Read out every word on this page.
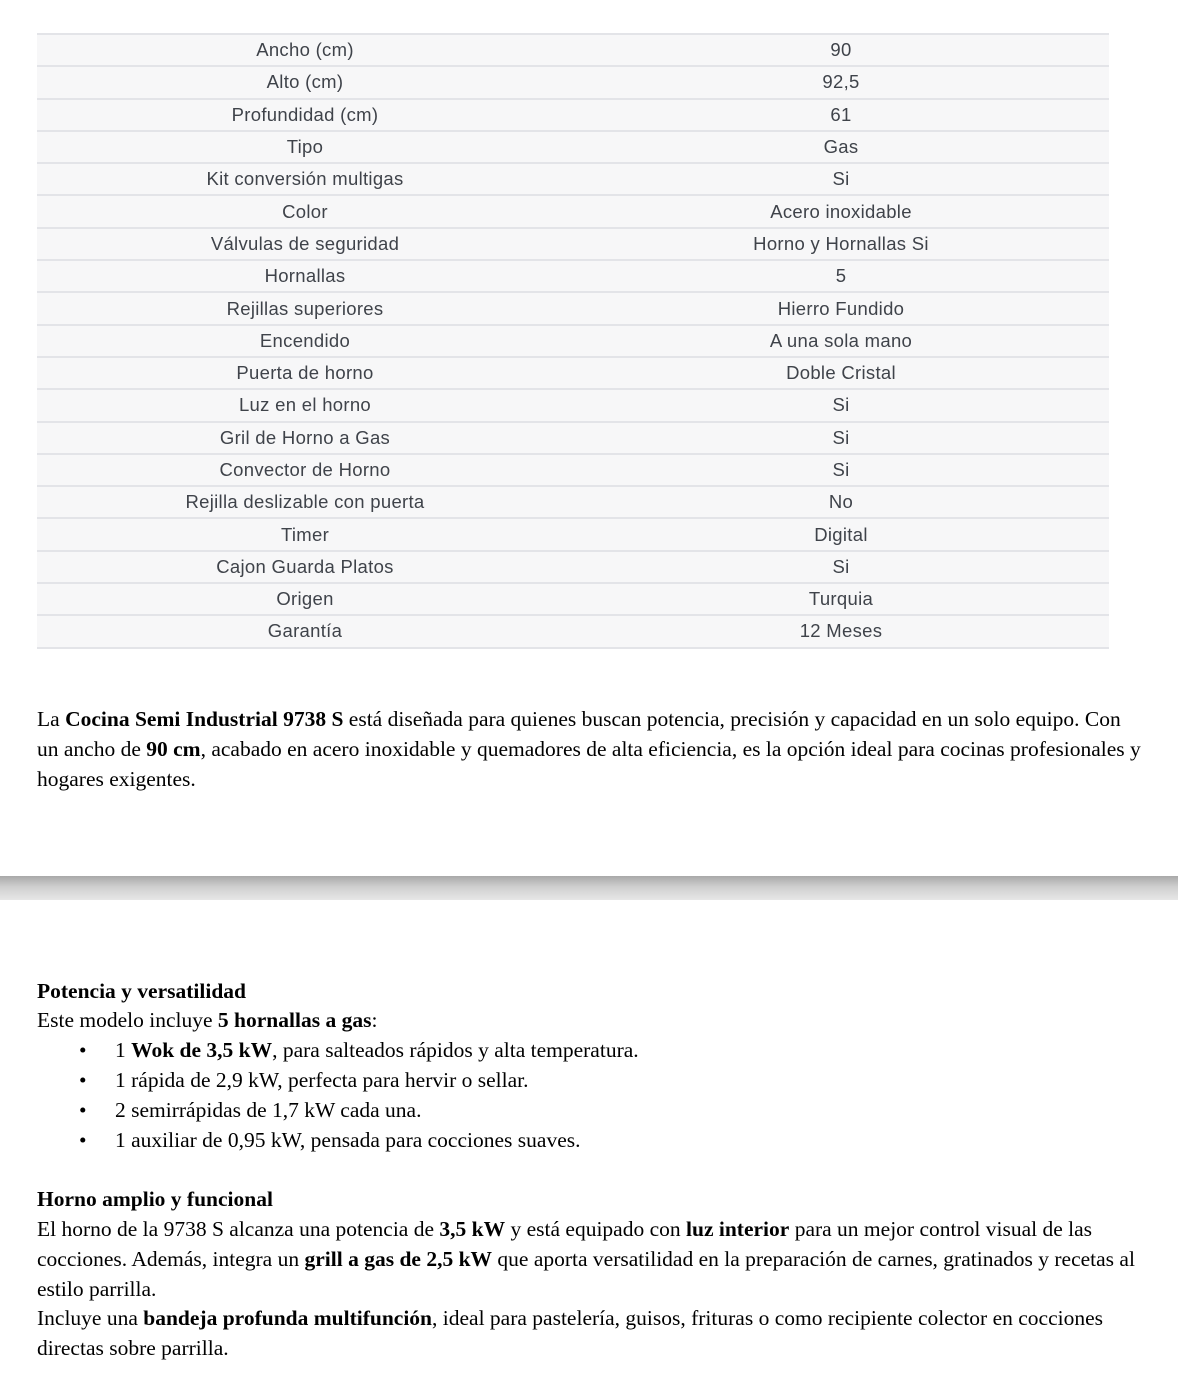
Ancho (cm)	90
Alto (cm)	92,5
Profundidad (cm)	61
Tipo	Gas
Kit conversión multigas	Si
Color	Acero inoxidable
Válvulas de seguridad	Horno y Hornallas Si
Hornallas	5
Rejillas superiores	Hierro Fundido
Encendido	A una sola mano
Puerta de horno	Doble Cristal
Luz en el horno	Si
Gril de Horno a Gas	Si
Convector de Horno	Si
Rejilla deslizable con puerta	No
Timer	Digital
Cajon Guarda Platos	Si
Origen	Turquia
Garantía	12 Meses

La Cocina Semi Industrial 9738 S está diseñada para quienes buscan potencia, precisión y capacidad en un solo equipo. Con un ancho de 90 cm, acabado en acero inoxidable y quemadores de alta eficiencia, es la opción ideal para cocinas profesionales y hogares exigentes.

Potencia y versatilidad

Este modelo incluye 5 hornallas a gas:

• 1 Wok de 3,5 kW, para salteados rápidos y alta temperatura.
• 1 rápida de 2,9 kW, perfecta para hervir o sellar.
• 2 semirrápidas de 1,7 kW cada una.
• 1 auxiliar de 0,95 kW, pensada para cocciones suaves.

Horno amplio y funcional

El horno de la 9738 S alcanza una potencia de 3,5 kW y está equipado con luz interior para un mejor control visual de las cocciones. Además, integra un grill a gas de 2,5 kW que aporta versatilidad en la preparación de carnes, gratinados y recetas al estilo parrilla.

Incluye una bandeja profunda multifunción, ideal para pastelería, guisos, frituras o como recipiente colector en cocciones directas sobre parrilla.
